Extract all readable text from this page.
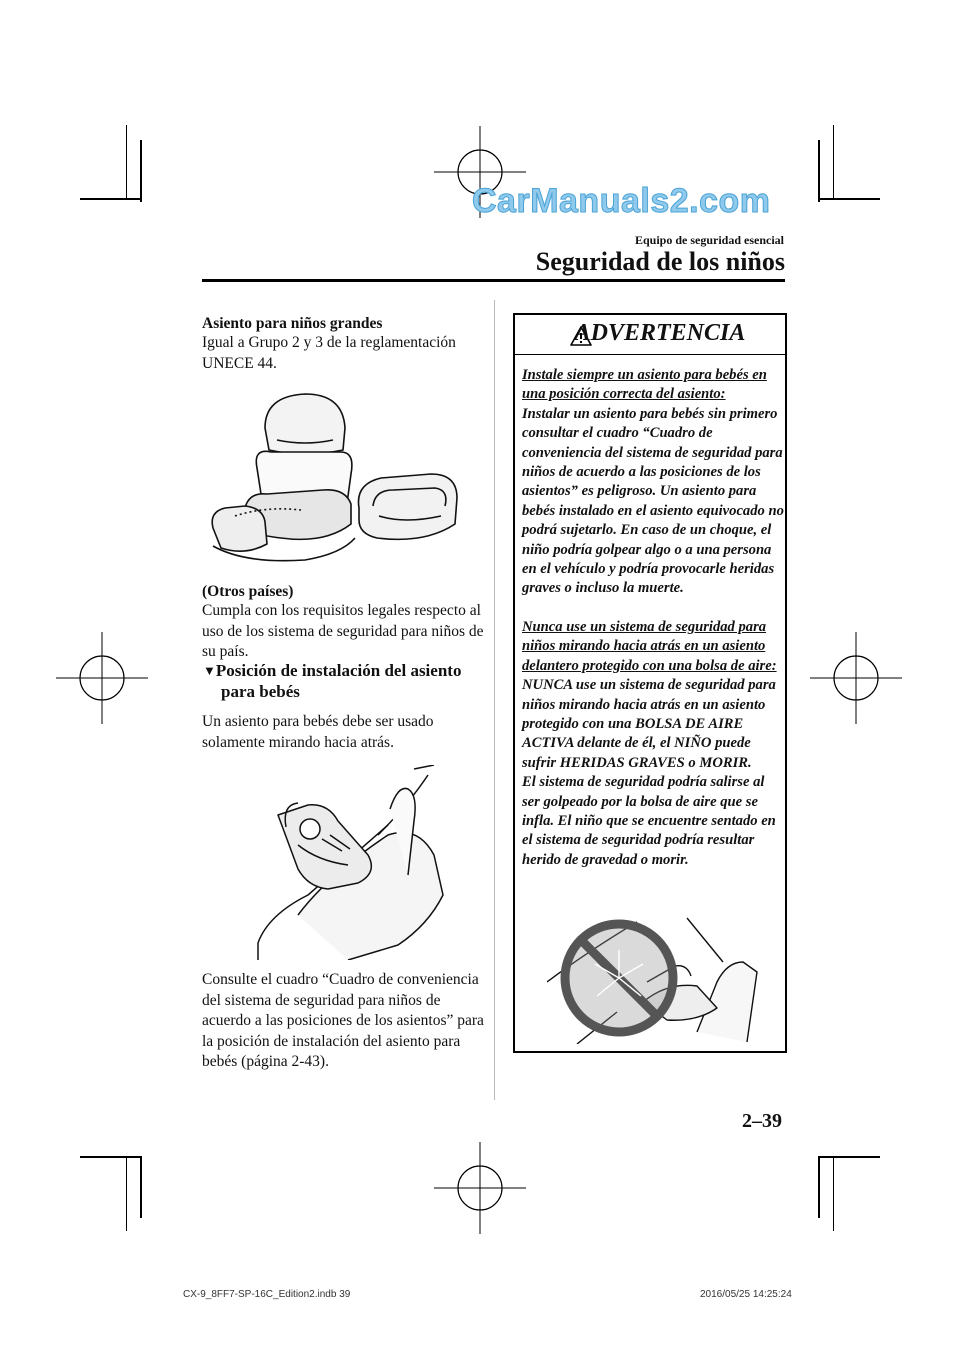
CarManuals2.com
Equipo de seguridad esencial
Seguridad de los niños
Asiento para niños grandes
Igual a Grupo 2 y 3 de la reglamentación UNECE 44.
(Otros países)
Cumpla con los requisitos legales respecto al uso de los sistema de seguridad para niños de su país.
▼Posición de instalación del asiento
para bebés
Un asiento para bebés debe ser usado solamente mirando hacia atrás.
Consulte el cuadro “Cuadro de conveniencia del sistema de seguridad para niños de acuerdo a las posiciones de los asientos” para la posición de instalación del asiento para bebés (página 2-43).
ADVERTENCIA
Instale siempre un asiento para bebés en una posición correcta del asiento:
Instalar un asiento para bebés sin primero consultar el cuadro “Cuadro de conveniencia del sistema de seguridad para niños de acuerdo a las posiciones de los asientos” es peligroso. Un asiento para bebés instalado en el asiento equivocado no podrá sujetarlo. En caso de un choque, el niño podría golpear algo o a una persona en el vehículo y podría provocarle heridas graves o incluso la muerte.
Nunca use un sistema de seguridad para niños mirando hacia atrás en un asiento delantero protegido con una bolsa de aire:
NUNCA use un sistema de seguridad para niños mirando hacia atrás en un asiento protegido con una BOLSA DE AIRE ACTIVA delante de él, el NIÑO puede sufrir HERIDAS GRAVES o MORIR.
El sistema de seguridad podría salirse al ser golpeado por la bolsa de aire que se infla. El niño que se encuentre sentado en el sistema de seguridad podría resultar herido de gravedad o morir.
2–39
CX-9_8FF7-SP-16C_Edition2.indb 39	2016/05/25 14:25:24
